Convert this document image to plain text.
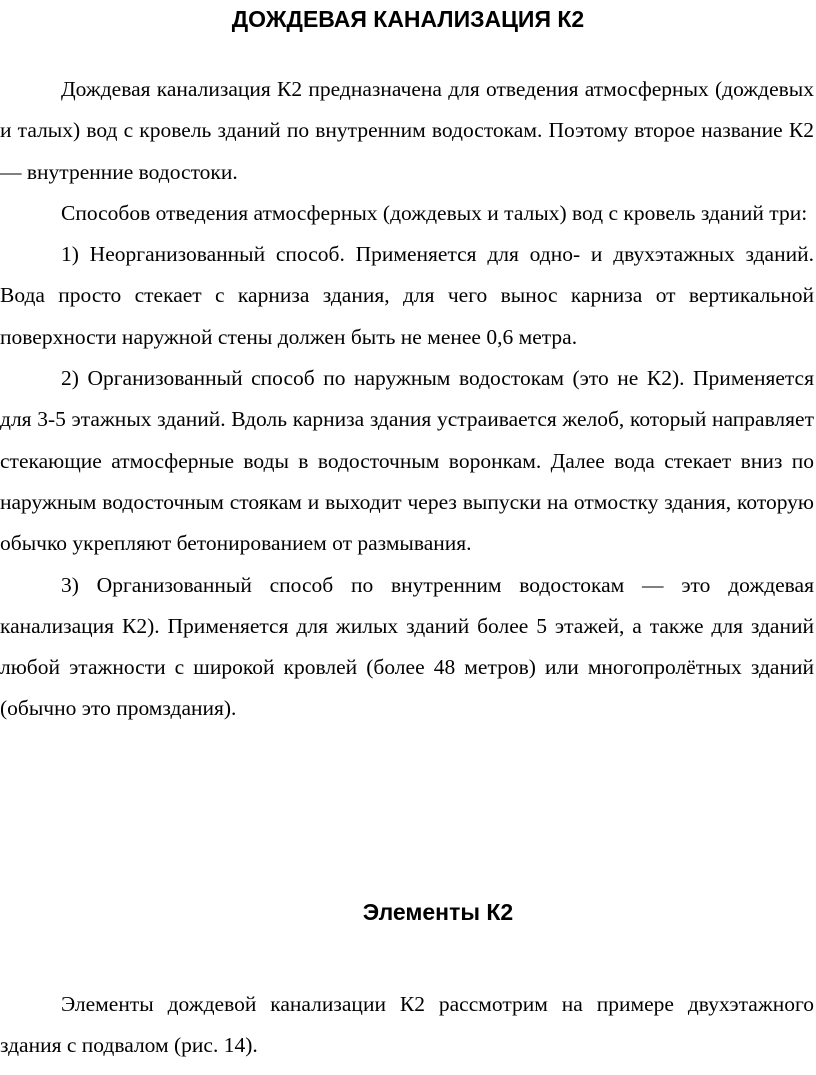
ДОЖДЕВАЯ КАНАЛИЗАЦИЯ К2

Дождевая канализация К2 предназначена для отведения атмосферных (дождевых и талых) вод с кровель зданий по внутренним водостокам. Поэтому второе название К2 — внутренние водостоки.

Способов отведения атмосферных (дождевых и талых) вод с кровель зданий три:

1) Неорганизованный способ. Применяется для одно- и двухэтажных зданий. Вода просто стекает с карниза здания, для чего вынос карниза от вертикальной поверхности наружной стены должен быть не менее 0,6 метра.

2) Организованный способ по наружным водостокам (это не К2). Применяется для 3-5 этажных зданий. Вдоль карниза здания устраивается желоб, который направляет стекающие атмосферные воды в водосточным воронкам. Далее вода стекает вниз по наружным водосточным стоякам и выходит через выпуски на отмостку здания, которую обычко укрепляют бетонированием от размывания.

3) Организованный способ по внутренним водостокам — это дождевая канализация К2). Применяется для жилых зданий более 5 этажей, а также для зданий любой этажности с широкой кровлей (более 48 метров) или многопролётных зданий (обычно это промздания).

Элементы К2

Элементы дождевой канализации К2 рассмотрим на примере двухэтажного здания с подвалом (рис. 14).
